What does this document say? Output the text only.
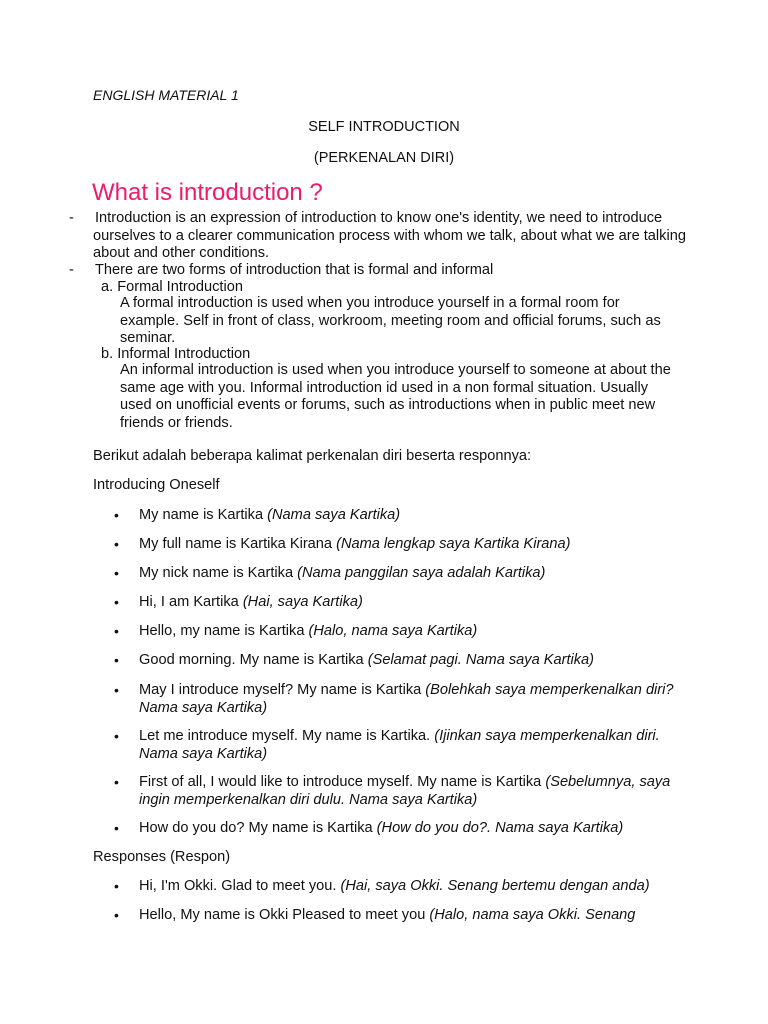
ENGLISH MATERIAL 1
SELF INTRODUCTION
(PERKENALAN DIRI)
What is introduction ?
- Introduction is an expression of introduction to know one's identity, we need to introduce ourselves to a clearer communication process with whom we talk, about what we are talking about and other conditions.
- There are two forms of introduction that is formal and informal
a. Formal Introduction
A formal introduction is used when you introduce yourself in a formal room for example. Self in front of class, workroom, meeting room and official forums, such as seminar.
b. Informal Introduction
An informal introduction is used when you introduce yourself to someone at about the same age with you. Informal introduction id used in a non formal situation. Usually used on unofficial events or forums, such as introductions when in public meet new friends or friends.
Berikut adalah beberapa kalimat perkenalan diri beserta responnya:
Introducing Oneself
• My name is Kartika (Nama saya Kartika)
• My full name is Kartika Kirana (Nama lengkap saya Kartika Kirana)
• My nick name is Kartika (Nama panggilan saya adalah Kartika)
• Hi, I am Kartika (Hai, saya Kartika)
• Hello, my name is Kartika (Halo, nama saya Kartika)
• Good morning. My name is Kartika (Selamat pagi. Nama saya Kartika)
• May I introduce myself? My name is Kartika (Bolehkah saya memperkenalkan diri? Nama saya Kartika)
• Let me introduce myself. My name is Kartika. (Ijinkan saya memperkenalkan diri. Nama saya Kartika)
• First of all, I would like to introduce myself. My name is Kartika (Sebelumnya, saya ingin memperkenalkan diri dulu. Nama saya Kartika)
• How do you do? My name is Kartika (How do you do?. Nama saya Kartika)
Responses (Respon)
• Hi, I'm Okki. Glad to meet you. (Hai, saya Okki. Senang bertemu dengan anda)
• Hello, My name is Okki Pleased to meet you (Halo, nama saya Okki. Senang
